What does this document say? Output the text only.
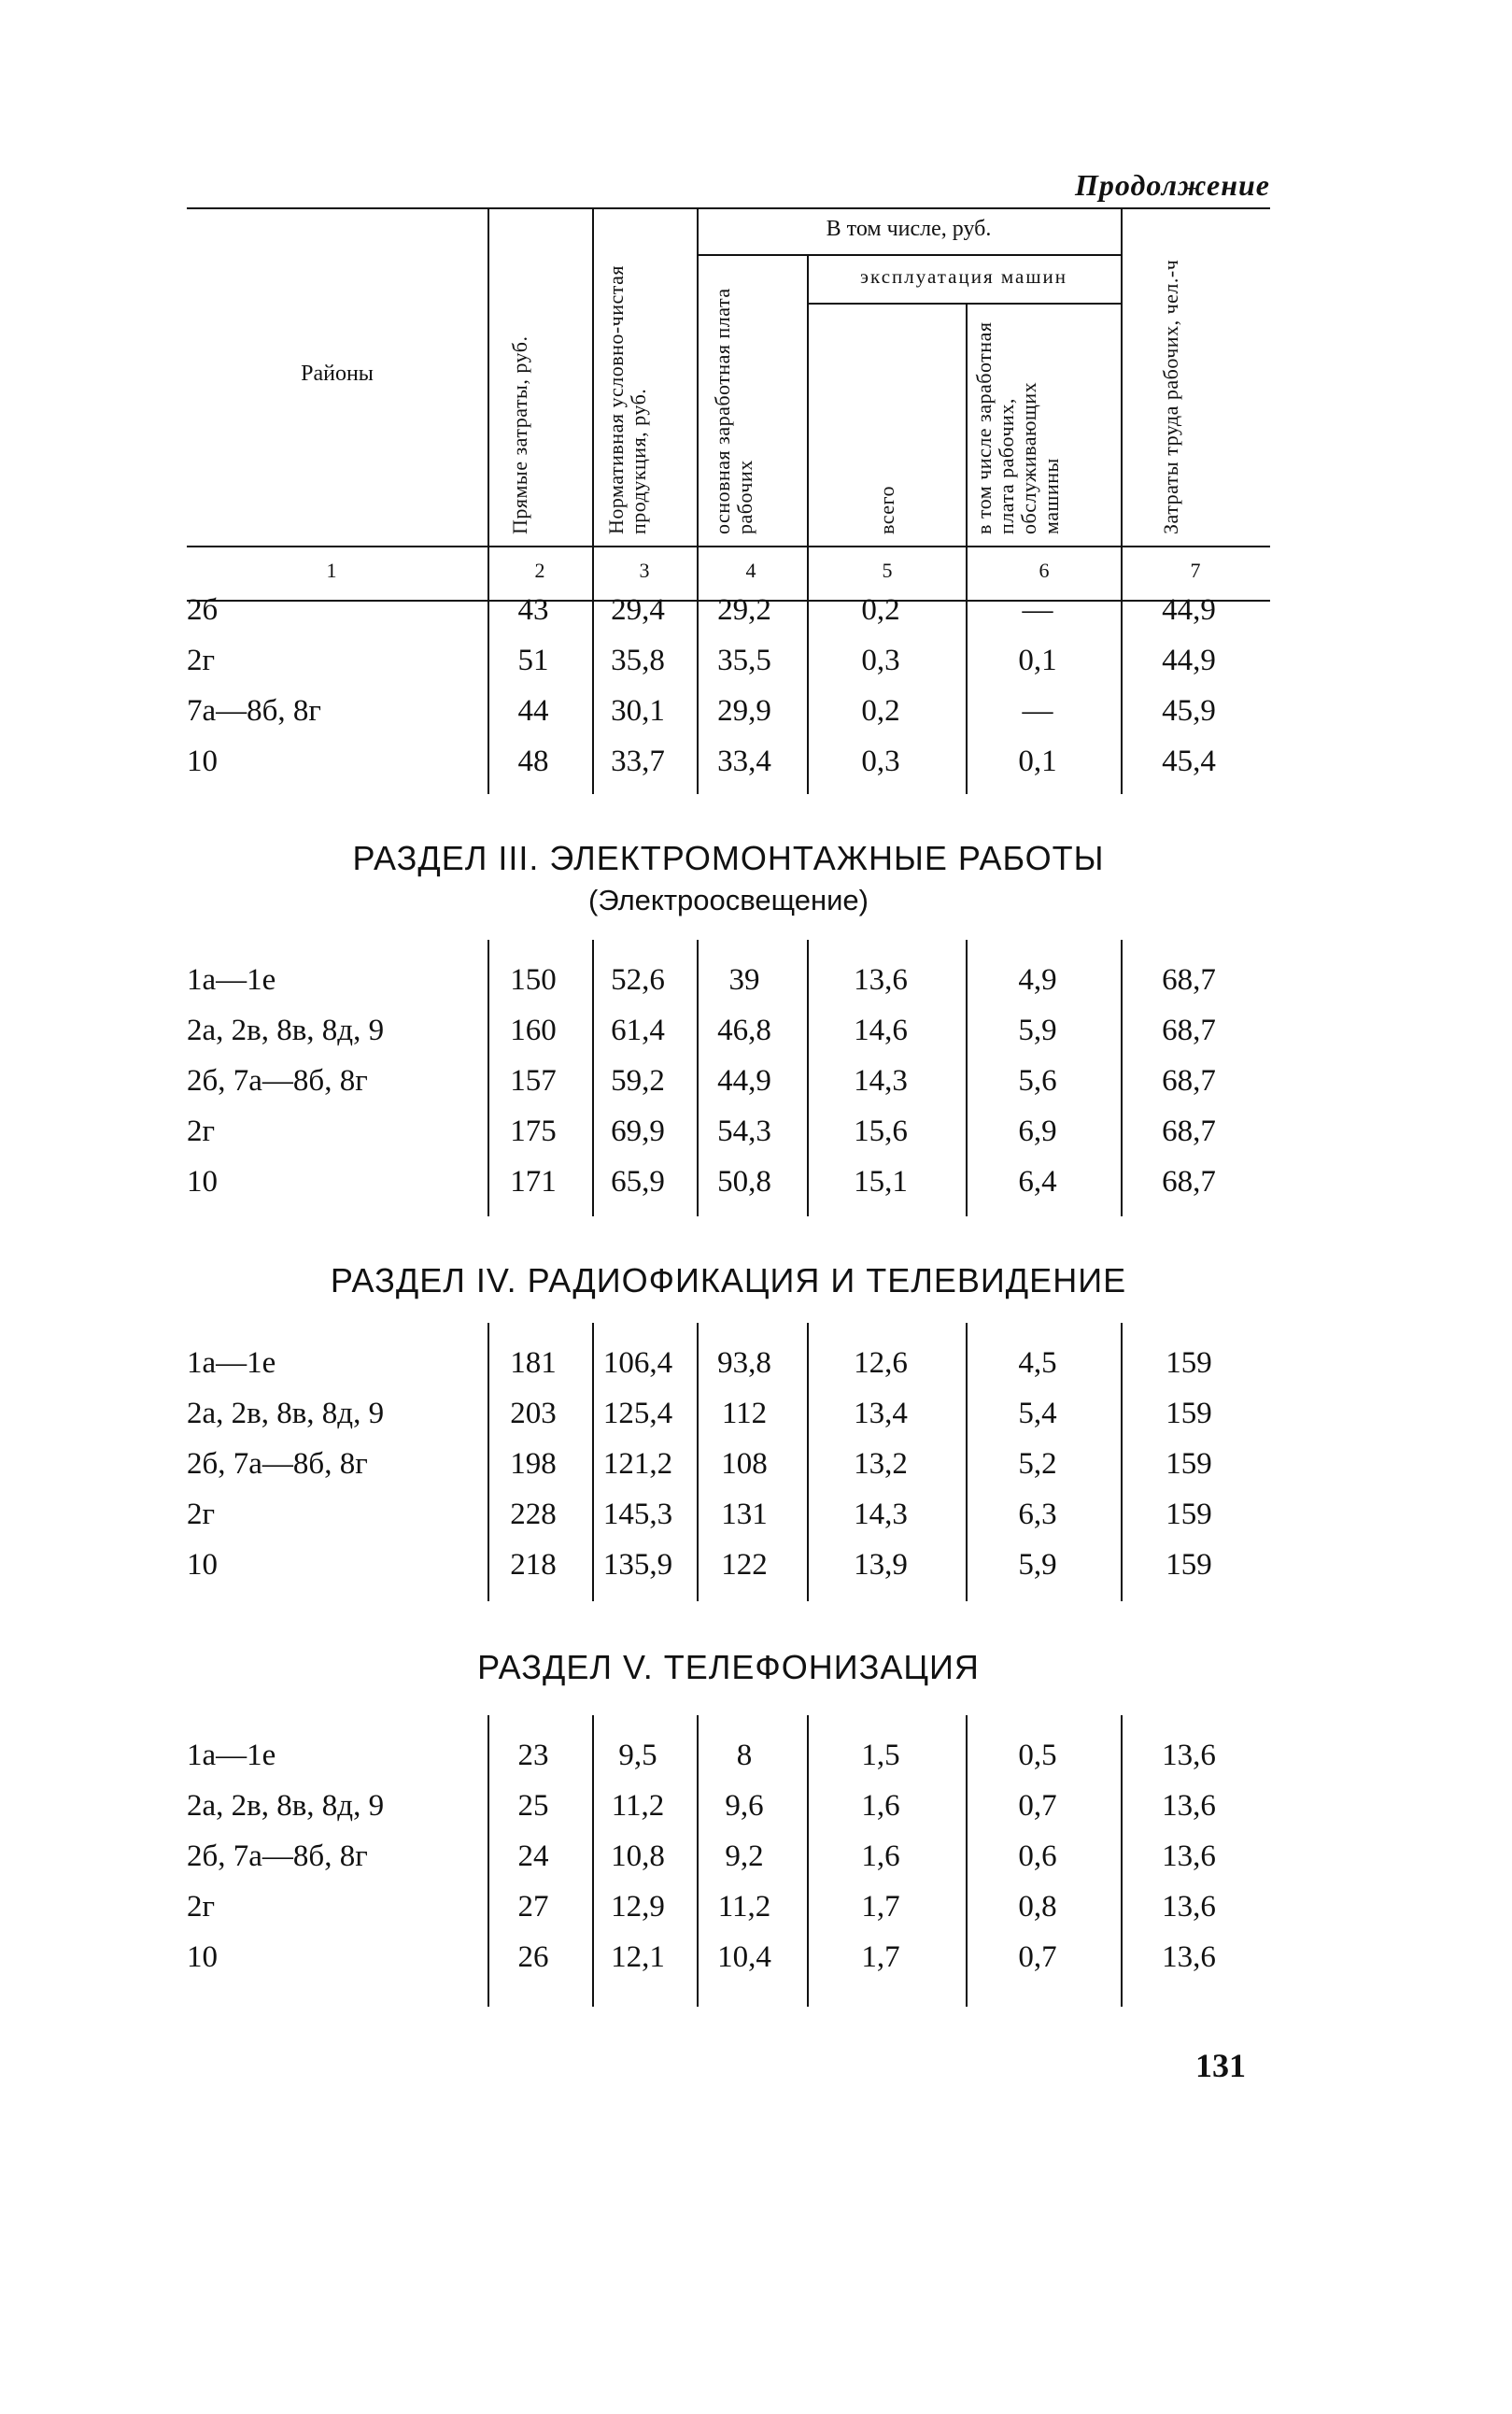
Продолжение
Районы
В том числе, руб.
эксплуатация машин
Прямые затраты, руб.	Нормативная условно-чистая продукция, руб.	основная заработная плата рабочих	всего	в том числе заработная плата рабочих, обслуживающих машины	Затраты труда рабочих, чел.-ч
1	2	3	4	5	6	7
2б	43	29,4	29,2	0,2	—	44,9
2г	51	35,8	35,5	0,3	0,1	44,9
7а—8б, 8г	44	30,1	29,9	0,2	—	45,9
10	48	33,7	33,4	0,3	0,1	45,4
РАЗДЕЛ III. ЭЛЕКТРОМОНТАЖНЫЕ РАБОТЫ
(Электроосвещение)
1а—1е	150	52,6	39	13,6	4,9	68,7
2а, 2в, 8в, 8д, 9	160	61,4	46,8	14,6	5,9	68,7
2б, 7а—8б, 8г	157	59,2	44,9	14,3	5,6	68,7
2г	175	69,9	54,3	15,6	6,9	68,7
10	171	65,9	50,8	15,1	6,4	68,7
РАЗДЕЛ IV. РАДИОФИКАЦИЯ И ТЕЛЕВИДЕНИЕ
1а—1е	181	106,4	93,8	12,6	4,5	159
2а, 2в, 8в, 8д, 9	203	125,4	112	13,4	5,4	159
2б, 7а—8б, 8г	198	121,2	108	13,2	5,2	159
2г	228	145,3	131	14,3	6,3	159
10	218	135,9	122	13,9	5,9	159
РАЗДЕЛ V. ТЕЛЕФОНИЗАЦИЯ
1а—1е	23	9,5	8	1,5	0,5	13,6
2а, 2в, 8в, 8д, 9	25	11,2	9,6	1,6	0,7	13,6
2б, 7а—8б, 8г	24	10,8	9,2	1,6	0,6	13,6
2г	27	12,9	11,2	1,7	0,8	13,6
10	26	12,1	10,4	1,7	0,7	13,6
131
